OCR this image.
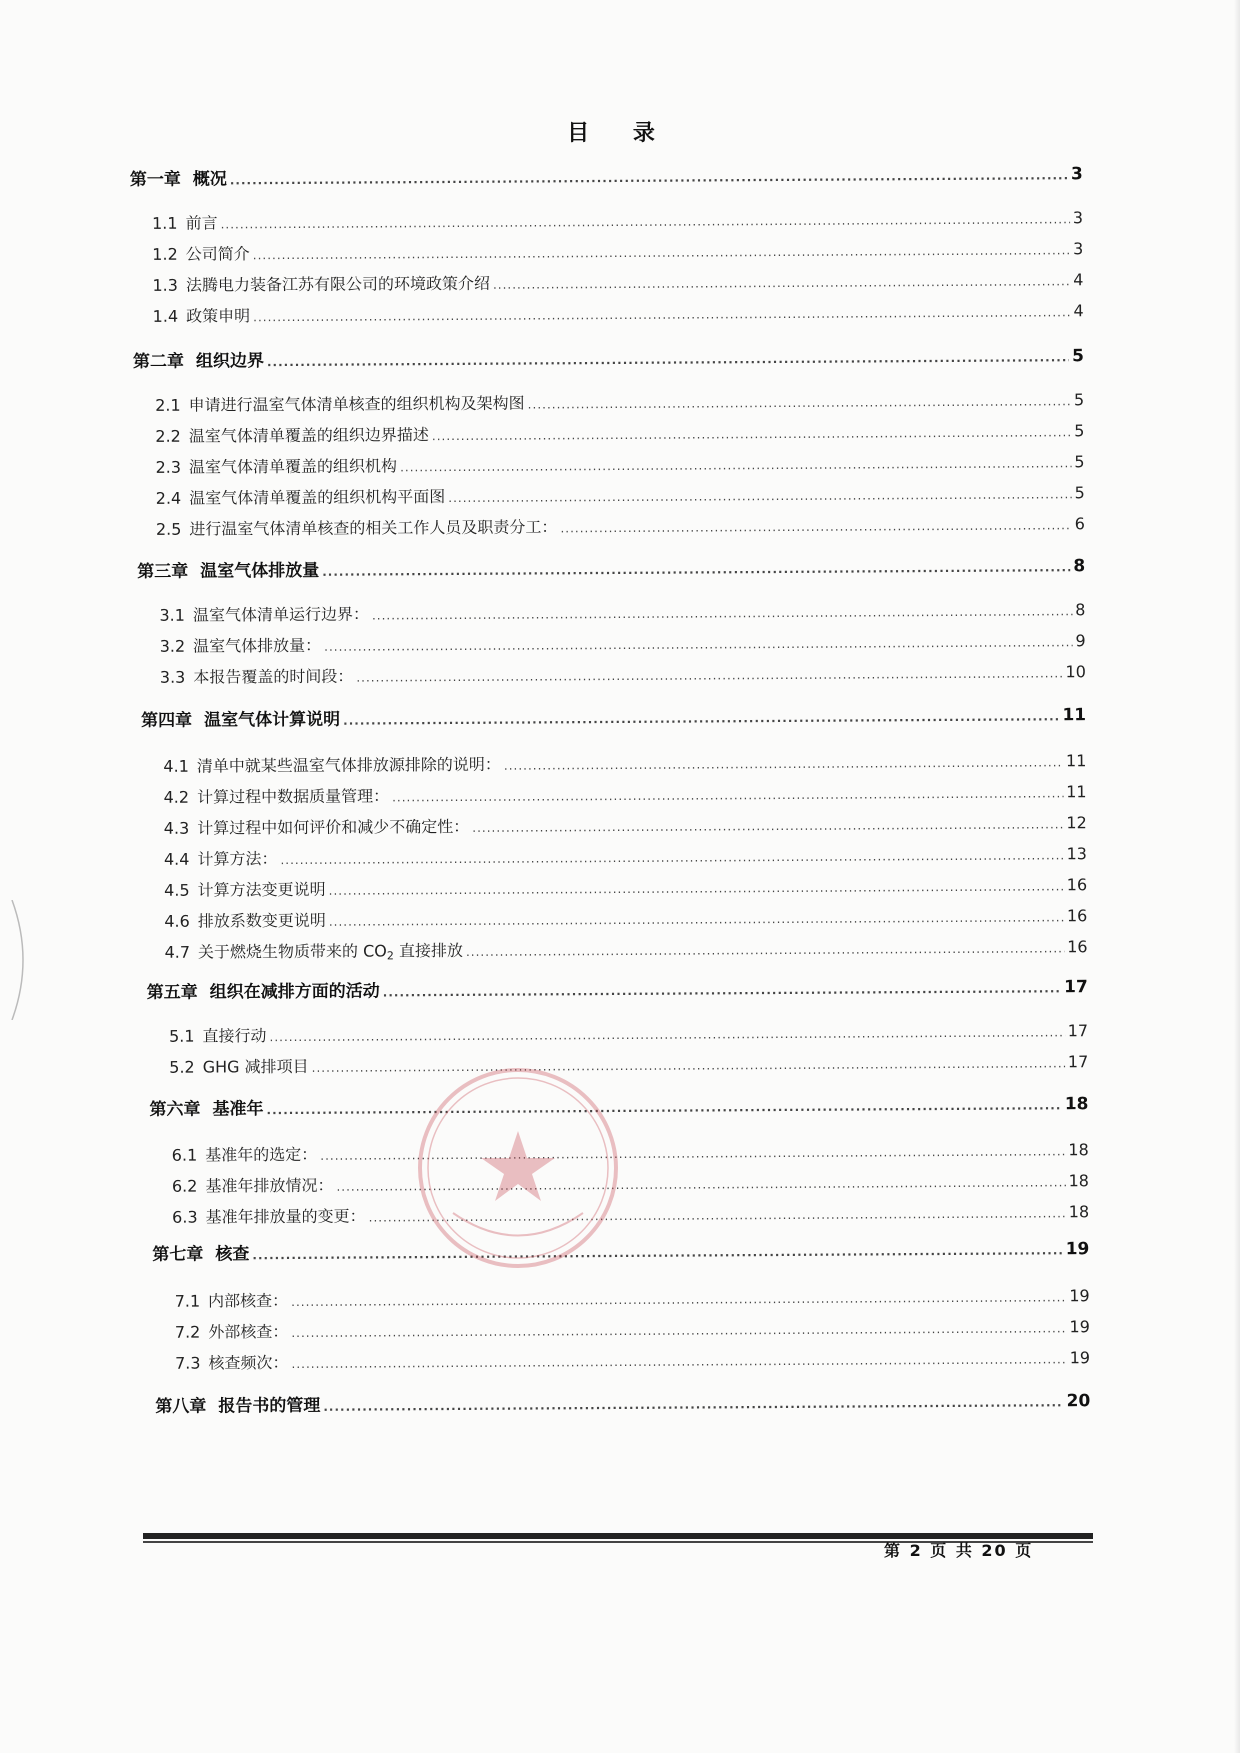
目 录
第一章 概况 .....	3
1.1 前言 .....	3
1.2 公司简介 .....	3
1.3 法腾电力装备江苏有限公司的环境政策介绍 .....	4
1.4 政策申明 .....	4
第二章 组织边界 .....	5
2.1 申请进行温室气体清单核查的组织机构及架构图 .....	5
2.2 温室气体清单覆盖的组织边界描述 .....	5
2.3 温室气体清单覆盖的组织机构 .....	5
2.4 温室气体清单覆盖的组织机构平面图 .....	5
2.5 进行温室气体清单核查的相关工作人员及职责分工： .....	6
第三章 温室气体排放量 .....	8
3.1 温室气体清单运行边界： .....	8
3.2 温室气体排放量： .....	9
3.3 本报告覆盖的时间段： .....	10
第四章 温室气体计算说明 .....	11
4.1 清单中就某些温室气体排放源排除的说明： .....	11
4.2 计算过程中数据质量管理： .....	11
4.3 计算过程中如何评价和减少不确定性： .....	12
4.4 计算方法： .....	13
4.5 计算方法变更说明 .....	16
4.6 排放系数变更说明 .....	16
4.7 关于燃烧生物质带来的 CO2 直接排放 .....	16
第五章 组织在减排方面的活动 .....	17
5.1 直接行动 .....	17
5.2 GHG 减排项目 .....	17
第六章 基准年 .....	18
6.1 基准年的选定： .....	18
6.2 基准年排放情况： .....	18
6.3 基准年排放量的变更： .....	18
第七章 核查 .....	19
7.1 内部核查： .....	19
7.2 外部核查： .....	19
7.3 核查频次： .....	19
第八章 报告书的管理 .....	20
第 2 页 共 20 页
